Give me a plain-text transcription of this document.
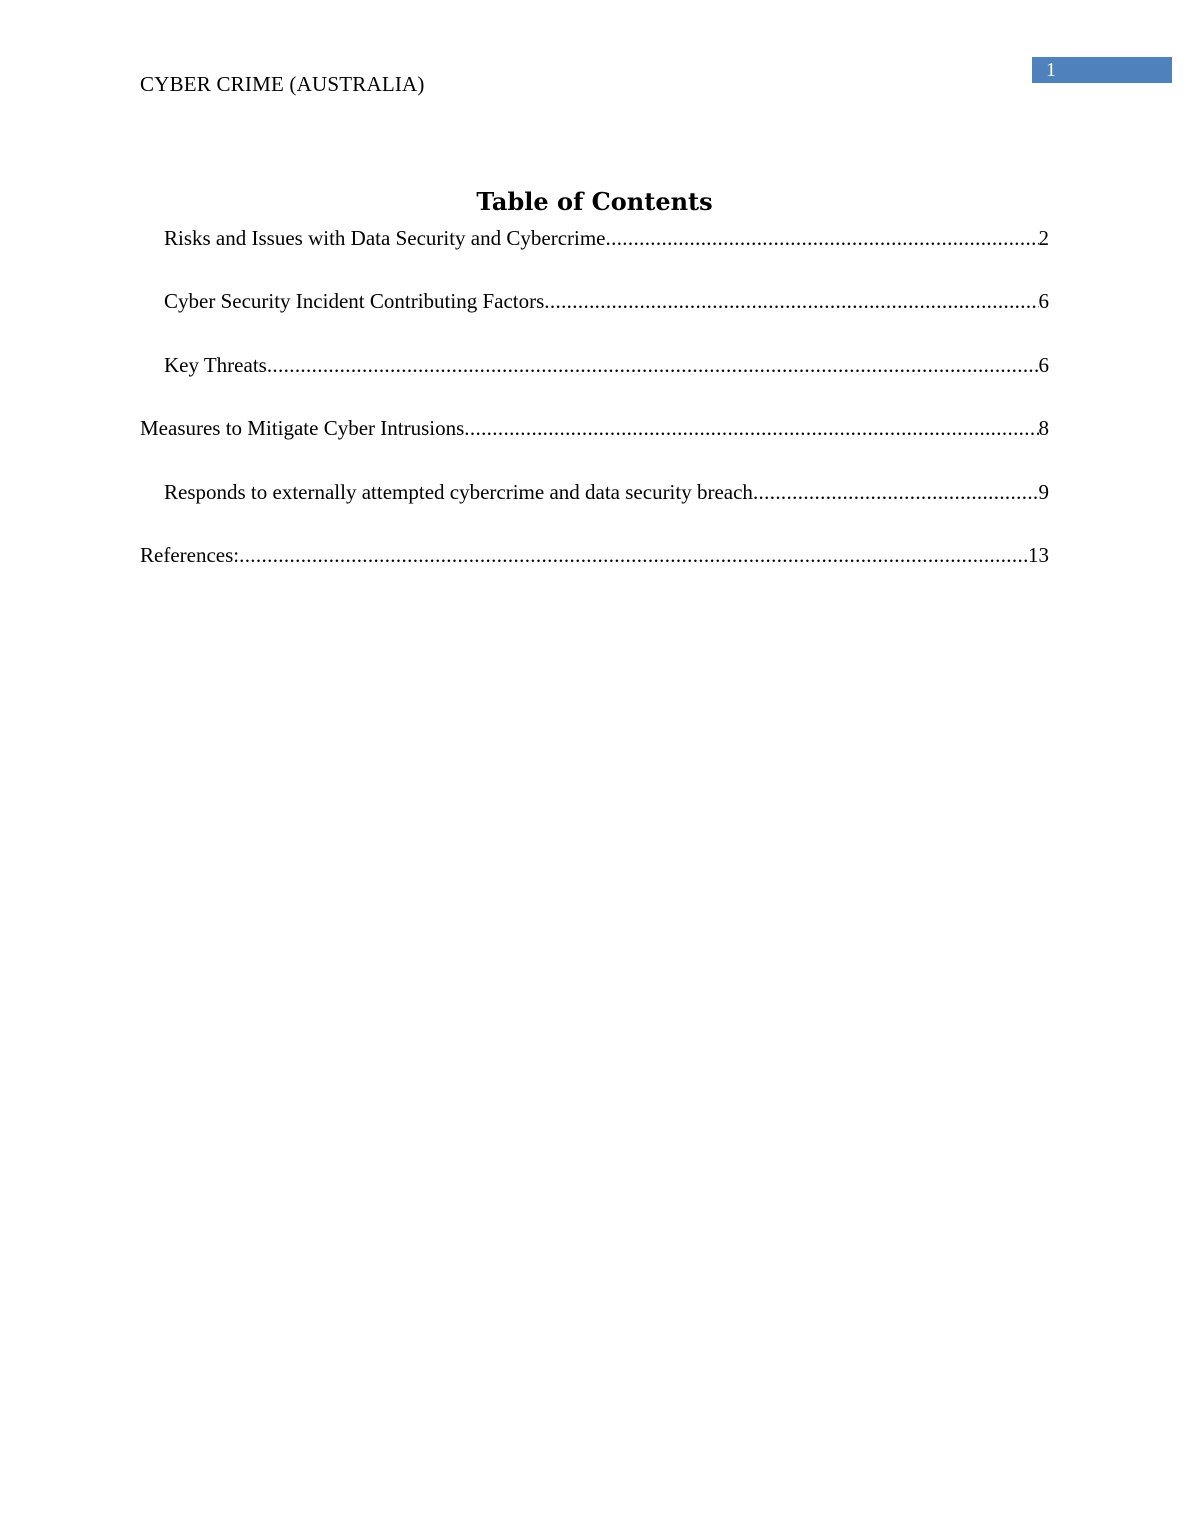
CYBER CRIME (AUSTRALIA)
1
Table of Contents
Risks and Issues with Data Security and Cybercrime .....	2
Cyber Security Incident Contributing Factors .....	6
Key Threats .....	6
Measures to Mitigate Cyber Intrusions .....	8
Responds to externally attempted cybercrime and data security breach .....	9
References: .....	13
